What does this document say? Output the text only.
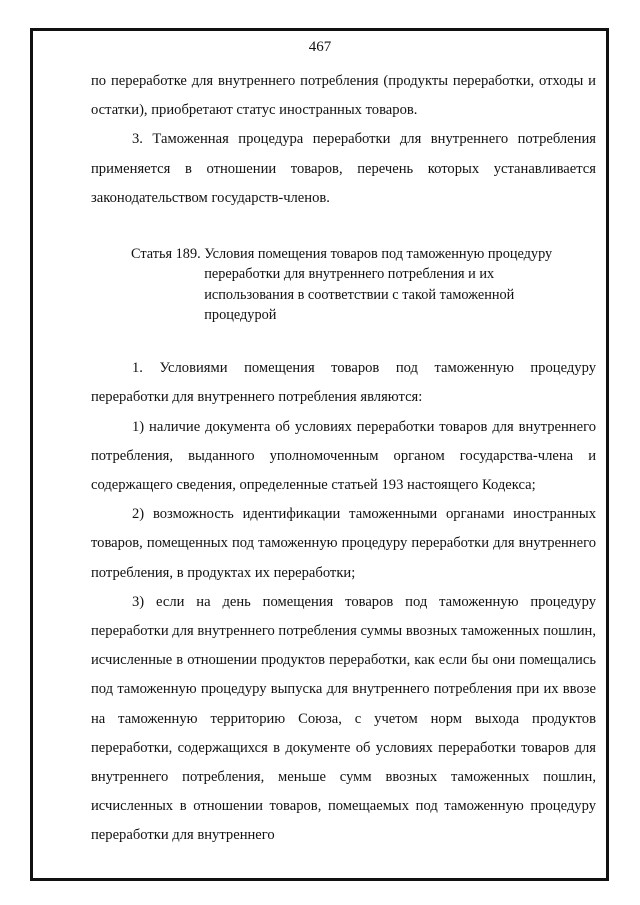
467

по переработке для внутреннего потребления (продукты переработки, отходы и остатки), приобретают статус иностранных товаров.

3. Таможенная процедура переработки для внутреннего потребления применяется в отношении товаров, перечень которых устанавливается законодательством государств-членов.

Статья 189. Условия помещения товаров под таможенную процедуру переработки для внутреннего потребления и их использования в соответствии с такой таможенной процедурой

1. Условиями помещения товаров под таможенную процедуру переработки для внутреннего потребления являются:

1) наличие документа об условиях переработки товаров для внутреннего потребления, выданного уполномоченным органом государства-члена и содержащего сведения, определенные статьей 193 настоящего Кодекса;

2) возможность идентификации таможенными органами иностранных товаров, помещенных под таможенную процедуру переработки для внутреннего потребления, в продуктах их переработки;

3) если на день помещения товаров под таможенную процедуру переработки для внутреннего потребления суммы ввозных таможенных пошлин, исчисленные в отношении продуктов переработки, как если бы они помещались под таможенную процедуру выпуска для внутреннего потребления при их ввозе на таможенную территорию Союза, с учетом норм выхода продуктов переработки, содержащихся в документе об условиях переработки товаров для внутреннего потребления, меньше сумм ввозных таможенных пошлин, исчисленных в отношении товаров, помещаемых под таможенную процедуру переработки для внутреннего
